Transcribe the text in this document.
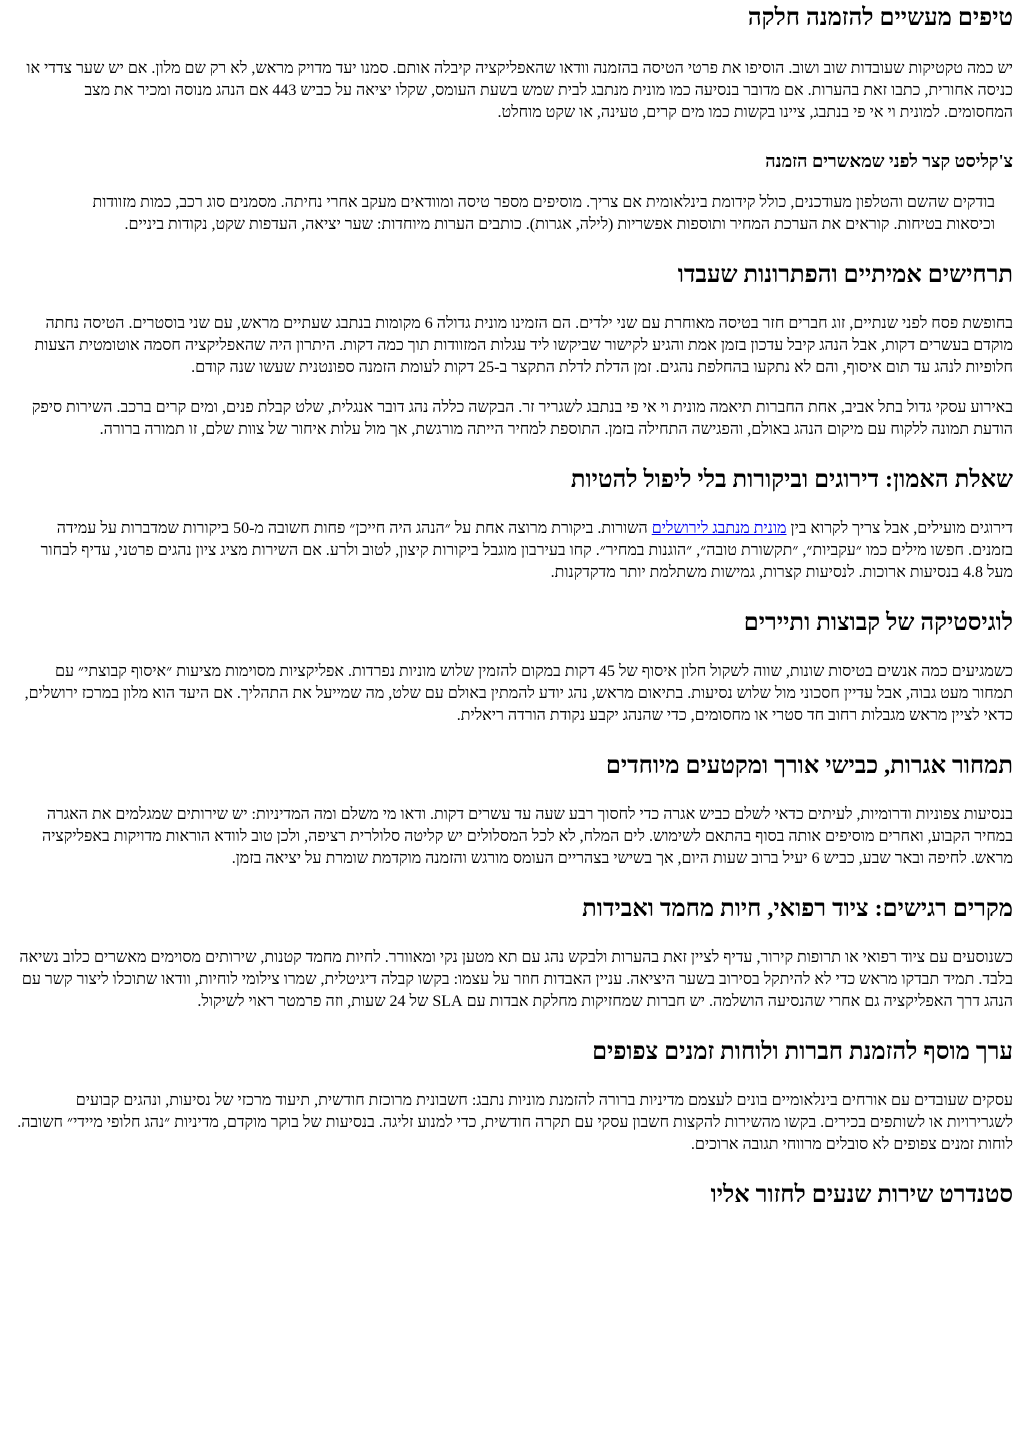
טיפים מעשיים להזמנה חלקה

יש כמה טקטיקות שעובדות שוב ושוב. הוסיפו את פרטי הטיסה בהזמנה וודאו שהאפליקציה קיבלה אותם. סמנו יעד מדויק מראש, לא רק שם מלון. אם יש שער צדדי או כניסה אחורית, כתבו זאת בהערות. אם מדובר בנסיעה כמו מונית מנתבג לבית שמש בשעת העומס, שקלו יציאה על כביש 443 אם הנהג מנוסה ומכיר את מצב המחסומים. למונית וי אי פי בנתבג, ציינו בקשות כמו מים קרים, טעינה, או שקט מוחלט.

צ'קליסט קצר לפני שמאשרים הזמנה

בודקים שהשם והטלפון מעודכנים, כולל קידומת בינלאומית אם צריך. מוסיפים מספר טיסה ומוודאים מעקב אחרי נחיתה. מסמנים סוג רכב, כמות מזוודות וכיסאות בטיחות. קוראים את הערכת המחיר ותוספות אפשריות (לילה, אגרות). כותבים הערות מיוחדות: שער יציאה, העדפות שקט, נקודות ביניים.

תרחישים אמיתיים והפתרונות שעבדו

בחופשת פסח לפני שנתיים, זוג חברים חזר בטיסה מאוחרת עם שני ילדים. הם הזמינו מונית גדולה 6 מקומות בנתבג שעתיים מראש, עם שני בוסטרים. הטיסה נחתה מוקדם בעשרים דקות, אבל הנהג קיבל עדכון בזמן אמת והגיע לקישור שביקשו ליד עגלות המזוודות תוך כמה דקות. היתרון היה שהאפליקציה חסמה אוטומטית הצעות חלופיות לנהג עד תום איסוף, והם לא נתקעו בהחלפת נהגים. זמן הדלת לדלת התקצר ב-25 דקות לעומת הזמנה ספונטנית שעשו שנה קודם.

באירוע עסקי גדול בתל אביב, אחת החברות תיאמה מונית וי אי פי בנתבג לשגריר זר. הבקשה כללה נהג דובר אנגלית, שלט קבלת פנים, ומים קרים ברכב. השירות סיפק הודעת תמונה ללקוח עם מיקום הנהג באולם, והפגישה התחילה בזמן. התוספת למחיר הייתה מורגשת, אך מול עלות איחור של צוות שלם, זו תמורה ברורה.

שאלת האמון: דירוגים וביקורות בלי ליפול להטיות

דירוגים מועילים, אבל צריך לקרוא בין מונית מנתבג לירושלים השורות. ביקורת מרוצה אחת על ״הנהג היה חייכן״ פחות חשובה מ-50 ביקורות שמדברות על עמידה בזמנים. חפשו מילים כמו ״עקביות״, ״תקשורת טובה״, ״הוגנות במחיר״. קחו בעירבון מוגבל ביקורות קיצון, לטוב ולרע. אם השירות מציג ציון נהגים פרטני, עדיף לבחור מעל 4.8 בנסיעות ארוכות. לנסיעות קצרות, גמישות משתלמת יותר מדקדקנות.

לוגיסטיקה של קבוצות ותיירים

כשמגיעים כמה אנשים בטיסות שונות, שווה לשקול חלון איסוף של 45 דקות במקום להזמין שלוש מוניות נפרדות. אפליקציות מסוימות מציעות ״איסוף קבוצתי״ עם תמחור מעט גבוה, אבל עדיין חסכוני מול שלוש נסיעות. בתיאום מראש, נהג יודע להמתין באולם עם שלט, מה שמייעל את התהליך. אם היעד הוא מלון במרכז ירושלים, כדאי לציין מראש מגבלות רחוב חד סטרי או מחסומים, כדי שהנהג יקבע נקודת הורדה ריאלית.

תמחור אגרות, כבישי אורך ומקטעים מיוחדים

בנסיעות צפוניות ודרומיות, לעיתים כדאי לשלם כביש אגרה כדי לחסוך רבע שעה עד עשרים דקות. ודאו מי משלם ומה המדיניות: יש שירותים שמגלמים את האגרה במחיר הקבוע, ואחרים מוסיפים אותה בסוף בהתאם לשימוש. לים המלח, לא לכל המסלולים יש קליטה סלולרית רציפה, ולכן טוב לוודא הוראות מדויקות באפליקציה מראש. לחיפה ובאר שבע, כביש 6 יעיל ברוב שעות היום, אך בשישי בצהריים העומס מורגש והזמנה מוקדמת שומרת על יציאה בזמן.

מקרים רגישים: ציוד רפואי, חיות מחמד ואבידות

כשנוסעים עם ציוד רפואי או תרופות קירור, עדיף לציין זאת בהערות ולבקש נהג עם תא מטען נקי ומאוורר. לחיות מחמד קטנות, שירותים מסוימים מאשרים כלוב נשיאה בלבד. תמיד תבדקו מראש כדי לא להיתקל בסירוב בשער היציאה. עניין האבדות חוזר על עצמו: בקשו קבלה דיגיטלית, שמרו צילומי לוחיות, וודאו שתוכלו ליצור קשר עם הנהג דרך האפליקציה גם אחרי שהנסיעה הושלמה. יש חברות שמחזיקות מחלקת אבדות עם SLA של 24 שעות, וזה פרמטר ראוי לשיקול.

ערך מוסף להזמנת חברות ולוחות זמנים צפופים

עסקים שעובדים עם אורחים בינלאומיים בונים לעצמם מדיניות ברורה להזמנת מוניות נתבג: חשבונית מרוכזת חודשית, תיעוד מרכזי של נסיעות, ונהגים קבועים לשגרירויות או לשותפים בכירים. בקשו מהשירות להקצות חשבון עסקי עם תקרה חודשית, כדי למנוע זליגה. בנסיעות של בוקר מוקדם, מדיניות ״נהג חלופי מיידי״ חשובה. לוחות זמנים צפופים לא סובלים מרווחי תגובה ארוכים.

סטנדרט שירות שנעים לחזור אליו
